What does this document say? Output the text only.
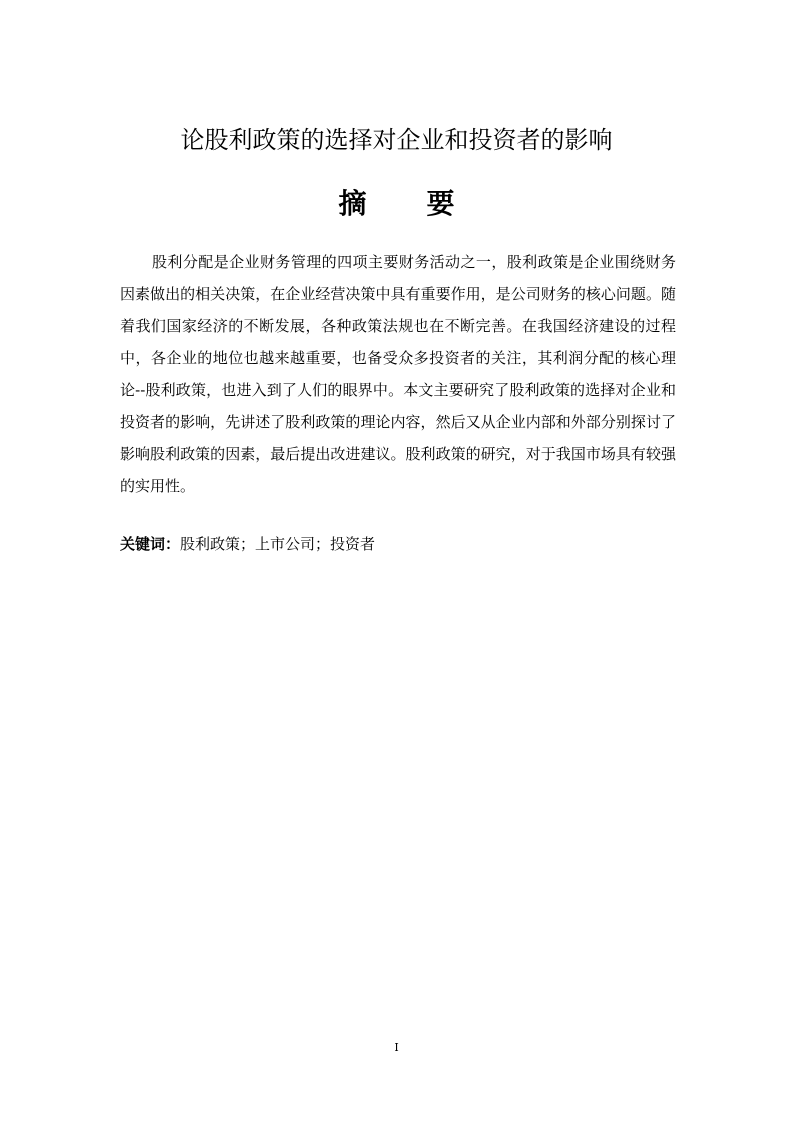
论股利政策的选择对企业和投资者的影响
摘 要

股利分配是企业财务管理的四项主要财务活动之一，股利政策是企业围绕财务因素做出的相关决策，在企业经营决策中具有重要作用，是公司财务的核心问题。随着我们国家经济的不断发展，各种政策法规也在不断完善。在我国经济建设的过程中，各企业的地位也越来越重要，也备受众多投资者的关注，其利润分配的核心理论--股利政策，也进入到了人们的眼界中。本文主要研究了股利政策的选择对企业和投资者的影响，先讲述了股利政策的理论内容，然后又从企业内部和外部分别探讨了影响股利政策的因素，最后提出改进建议。股利政策的研究，对于我国市场具有较强的实用性。

关键词：股利政策；上市公司；投资者

I
